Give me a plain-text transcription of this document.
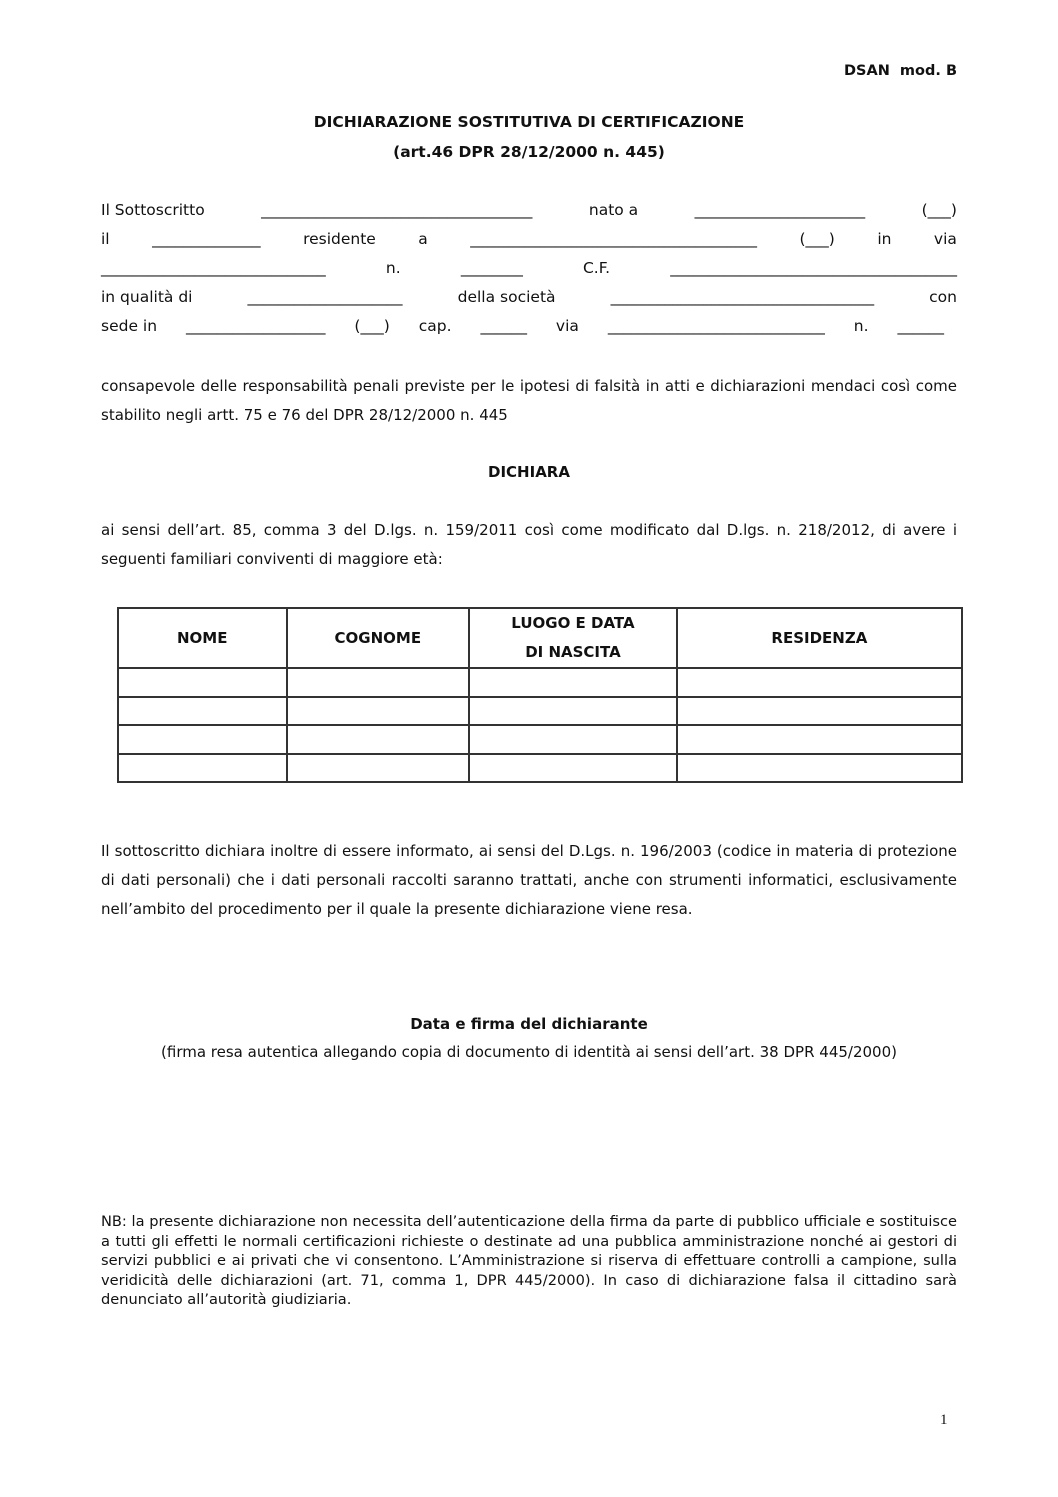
DSAN  mod. B
DICHIARAZIONE SOSTITUTIVA DI CERTIFICAZIONE
(art.46 DPR 28/12/2000 n. 445)
Il Sottoscritto	___________________________________	nato a	______________________	(___)
il	______________	residente	a	_____________________________________	(___)	in	via
_____________________________	n.	________	C.F.	_____________________________________
in qualità di	____________________	della società	__________________________________	con
sede in __________________ (___) cap. ______ via ____________________________ n. ______
consapevole delle responsabilità penali previste per le ipotesi di falsità in atti e dichiarazioni mendaci così come stabilito negli artt. 75 e 76 del DPR 28/12/2000 n. 445
DICHIARA
ai sensi dell’art. 85, comma 3 del D.lgs. n. 159/2011 così come modificato dal D.lgs. n. 218/2012, di avere i seguenti familiari conviventi di maggiore età:
NOME	COGNOME	LUOGO E DATA DI NASCITA	RESIDENZA

Il sottoscritto dichiara inoltre di essere informato, ai sensi del D.Lgs. n. 196/2003 (codice in materia di protezione di dati personali) che i dati personali raccolti saranno trattati, anche con strumenti informatici, esclusivamente nell’ambito del procedimento per il quale la presente dichiarazione viene resa.
Data e firma del dichiarante
(firma resa autentica allegando copia di documento di identità ai sensi dell’art. 38 DPR 445/2000)
NB: la presente dichiarazione non necessita dell’autenticazione della firma da parte di pubblico ufficiale e sostituisce a tutti gli effetti le normali certificazioni richieste o destinate ad una pubblica amministrazione nonché ai gestori di servizi pubblici e ai privati che vi consentono. L’Amministrazione si riserva di effettuare controlli a campione, sulla veridicità delle dichiarazioni (art. 71, comma 1, DPR 445/2000). In caso di dichiarazione falsa il cittadino sarà denunciato all’autorità giudiziaria.
1
